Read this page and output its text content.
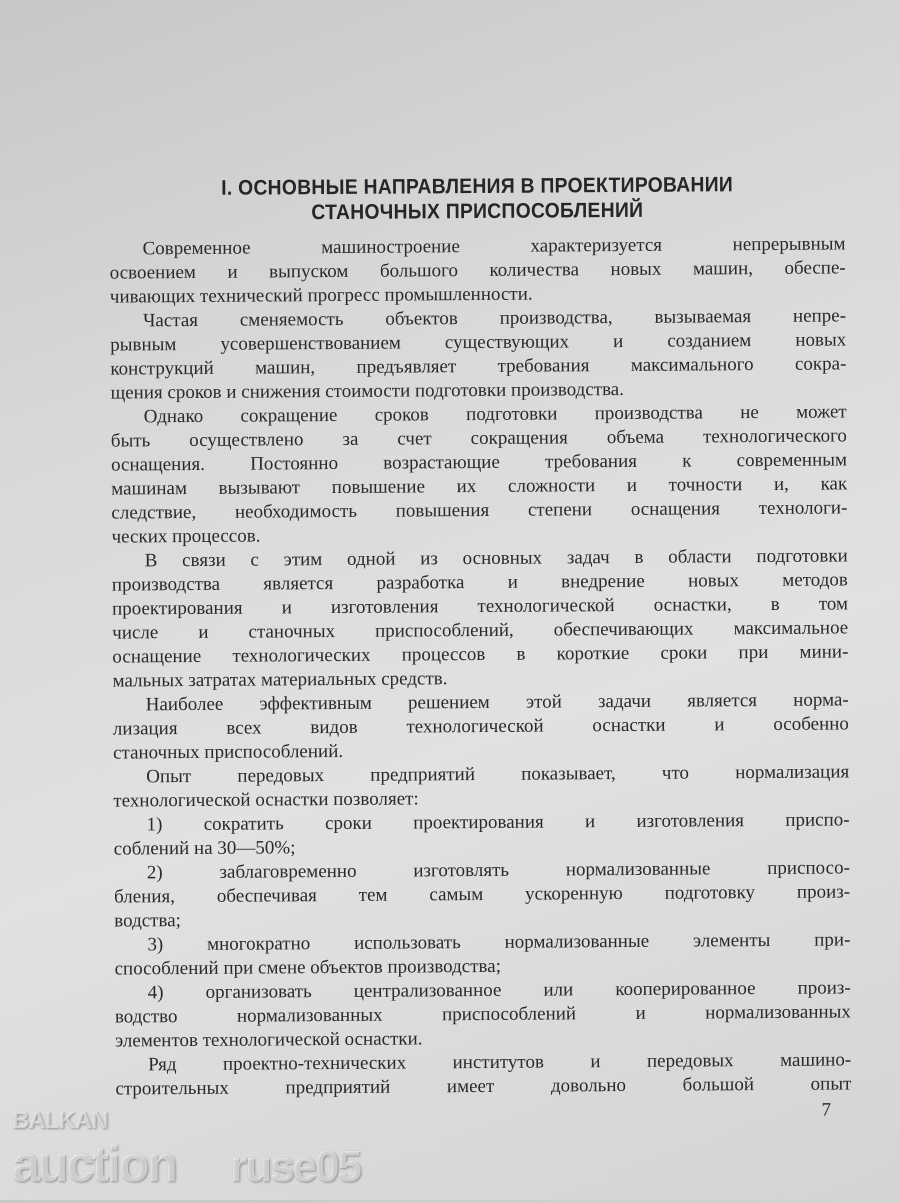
I. ОСНОВНЫЕ НАПРАВЛЕНИЯ В ПРОЕКТИРОВАНИИ
СТАНОЧНЫХ ПРИСПОСОБЛЕНИЙ
Современное машиностроение характеризуется непрерывным
освоением и выпуском большого количества новых машин, обеспе-
чивающих технический прогресс промышленности.
Частая сменяемость объектов производства, вызываемая непре-
рывным усовершенствованием существующих и созданием новых
конструкций машин, предъявляет требования максимального сокра-
щения сроков и снижения стоимости подготовки производства.
Однако сокращение сроков подготовки производства не может
быть осуществлено за счет сокращения объема технологического
оснащения. Постоянно возрастающие требования к современным
машинам вызывают повышение их сложности и точности и, как
следствие, необходимость повышения степени оснащения технологи-
ческих процессов.
В связи с этим одной из основных задач в области подготовки
производства является разработка и внедрение новых методов
проектирования и изготовления технологической оснастки, в том
числе и станочных приспособлений, обеспечивающих максимальное
оснащение технологических процессов в короткие сроки при мини-
мальных затратах материальных средств.
Наиболее эффективным решением этой задачи является норма-
лизация всех видов технологической оснастки и особенно
станочных приспособлений.
Опыт передовых предприятий показывает, что нормализация
технологической оснастки позволяет:
1) сократить сроки проектирования и изготовления приспо-
соблений на 30—50%;
2) заблаговременно изготовлять нормализованные приспосо-
бления, обеспечивая тем самым ускоренную подготовку произ-
водства;
3) многократно использовать нормализованные элементы при-
способлений при смене объектов производства;
4) организовать централизованное или кооперированное произ-
водство нормализованных приспособлений и нормализованных
элементов технологической оснастки.
Ряд проектно-технических институтов и передовых машино-
строительных предприятий имеет довольно большой опыт
7
BALKAN
auction ruse05
